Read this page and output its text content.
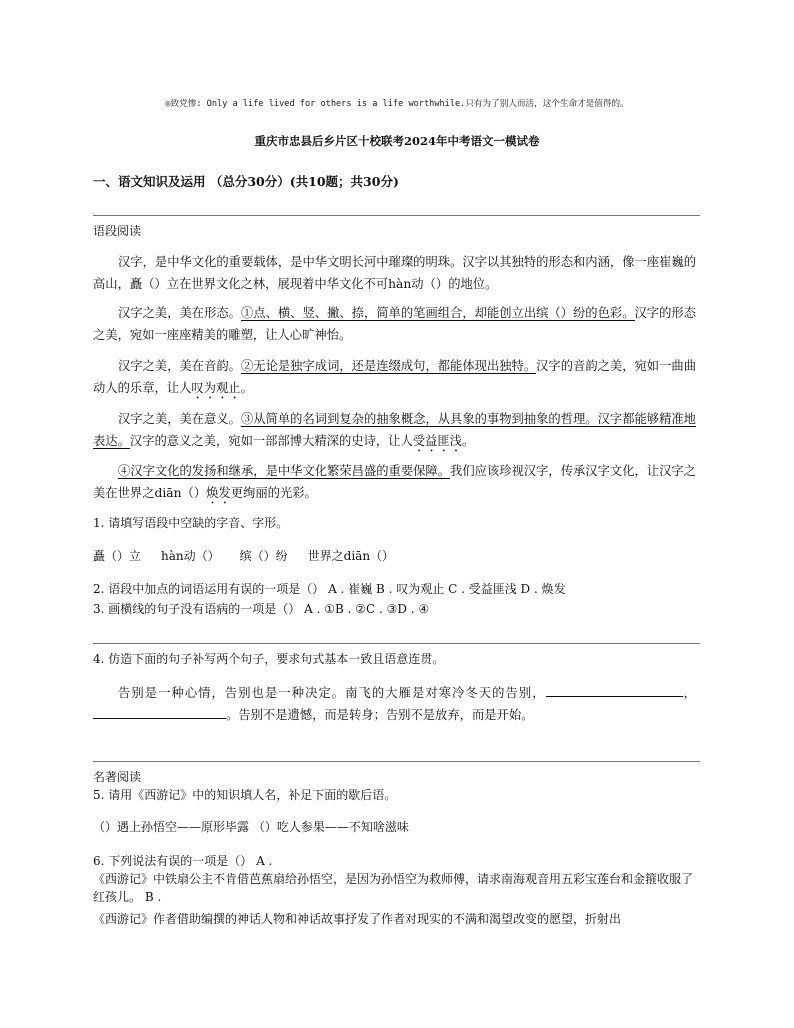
◎致党惨: Only a life lived for others is a life worthwhile.只有为了别人而活，这个生命才是值得的。
重庆市忠县后乡片区十校联考2024年中考语文一模试卷
一、语文知识及运用 （总分30分）(共10题；共30分)
语段阅读
汉字，是中华文化的重要载体，是中华文明长河中璀璨的明珠。汉字以其独特的形态和内涵，像一座崔巍的高山，矗（）立在世界文化之林，展现着中华文化不可hàn动（）的地位。
汉字之美，美在形态。①点、横、竖、撇、捺，简单的笔画组合，却能创立出缤（）纷的色彩。汉字的形态之美，宛如一座座精美的雕塑，让人心旷神怡。
汉字之美，美在音韵。②无论是独字成词，还是连缀成句，都能体现出独特。汉字的音韵之美，宛如一曲曲动人的乐章，让人叹为观止。
汉字之美，美在意义。③从简单的名词到复杂的抽象概念，从具象的事物到抽象的哲理。汉字都能够精准地表达。汉字的意义之美，宛如一部部博大精深的史诗，让人受益匪浅。
④汉字文化的发扬和继承，是中华文化繁荣昌盛的重要保障。我们应该珍视汉字，传承汉字文化，让汉字之美在世界之diān（）焕发更绚丽的光彩。
1. 请填写语段中空缺的字音、字形。
矗（）立 hàn动（） 缤（）纷 世界之diān（）
2. 语段中加点的词语运用有误的一项是（） A . 崔巍 B . 叹为观止 C . 受益匪浅 D . 焕发
3. 画横线的句子没有语病的一项是（） A . ①B . ②C . ③D . ④
4. 仿造下面的句子补写两个句子，要求句式基本一致且语意连贯。
告别是一种心情，告别也是一种决定。南飞的大雁是对寒冷冬天的告别，	，。告别不是遗憾，而是转身；告别不是放弃，而是开始。
名著阅读
5. 请用《西游记》中的知识填人名，补足下面的歇后语。
（）遇上孙悟空——原形毕露 （）吃人参果——不知啥滋味
6. 下列说法有误的一项是（） A .
《西游记》中铁扇公主不肯借芭蕉扇给孙悟空，是因为孙悟空为救师傅，请求南海观音用五彩宝莲台和金箍收服了红孩儿。 B .
《西游记》作者借助编撰的神话人物和神话故事抒发了作者对现实的不满和渴望改变的愿望，折射出
